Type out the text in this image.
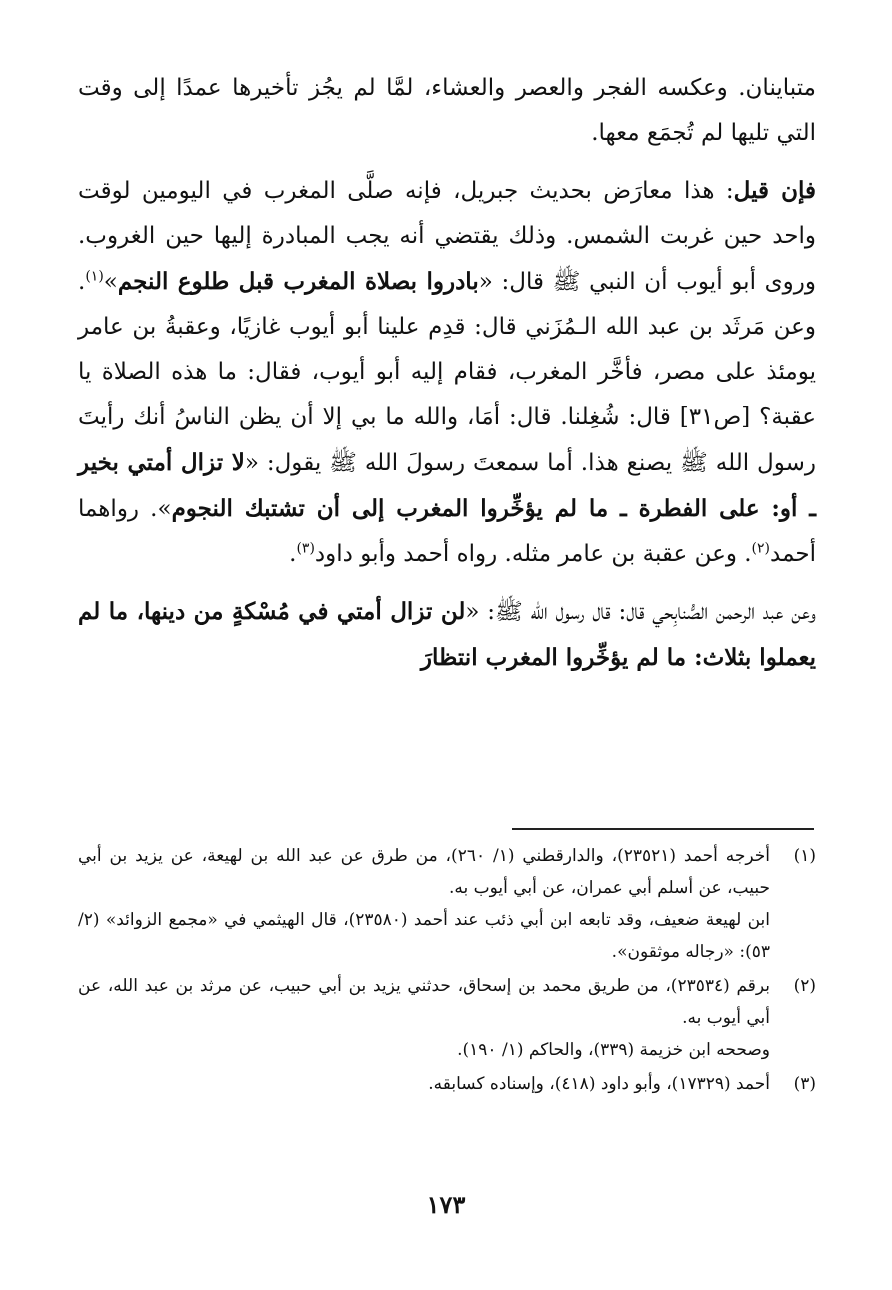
متباينان. وعكسه الفجر والعصر والعشاء، لمَّا لم يجُز تأخيرها عمدًا إلى وقت التي تليها لم تُجمَع معها.

فإن قيل: هذا معارَض بحديث جبريل، فإنه صلَّى المغرب في اليومين لوقت واحد حين غربت الشمس. وذلك يقتضي أنه يجب المبادرة إليها حين الغروب. وروى أبو أيوب أن النبي ﷺ قال: «بادروا بصلاة المغرب قبل طلوع النجم»$^{(١)}$. وعن مَرثَد بن عبد الله الـمُزَني قال: قدِم علينا أبو أيوب غازيًا، وعقبةُ بن عامر يومئذ على مصر، فأخَّر المغرب، فقام إليه أبو أيوب، فقال: ما هذه الصلاة يا عقبة؟ [ص٣١] قال: شُغِلنا. قال: أمَا، والله ما بي إلا أن يظن الناسُ أنك رأيتَ رسول الله ﷺ يصنع هذا. أما سمعتَ رسولَ الله ﷺ يقول: «لا تزال أمتي بخير ـ أو: على الفطرة ـ ما لم يؤخِّروا المغرب إلى أن تشتبك النجوم». رواهما أحمد$^{(٢)}$. وعن عقبة بن عامر مثله. رواه أحمد وأبو داود$^{(٣)}$.

وعن عبد الرحمن الصُّنابِحي قال: قال رسول الله ﷺ: «لن تزال أمتي في مُسْكةٍ من دينها، ما لم يعملوا بثلاث: ما لم يؤخِّروا المغرب انتظارَ

(١)
أخرجه أحمد (٢٣٥٢١)، والدارقطني (١/ ٢٦٠)، من طرق عن عبد الله بن لهيعة، عن يزيد بن أبي حبيب، عن أسلم أبي عمران، عن أبي أيوب به.
ابن لهيعة ضعيف، وقد تابعه ابن أبي ذئب عند أحمد (٢٣٥٨٠)، قال الهيثمي في «مجمع الزوائد» (٢/ ٥٣): «رجاله موثقون».
(٢)
برقم (٢٣٥٣٤)، من طريق محمد بن إسحاق، حدثني يزيد بن أبي حبيب، عن مرثد بن عبد الله، عن أبي أيوب به.
وصححه ابن خزيمة (٣٣٩)، والحاكم (١/ ١٩٠).
(٣)
أحمد (١٧٣٢٩)، وأبو داود (٤١٨)، وإسناده كسابقه.
١٧٣
